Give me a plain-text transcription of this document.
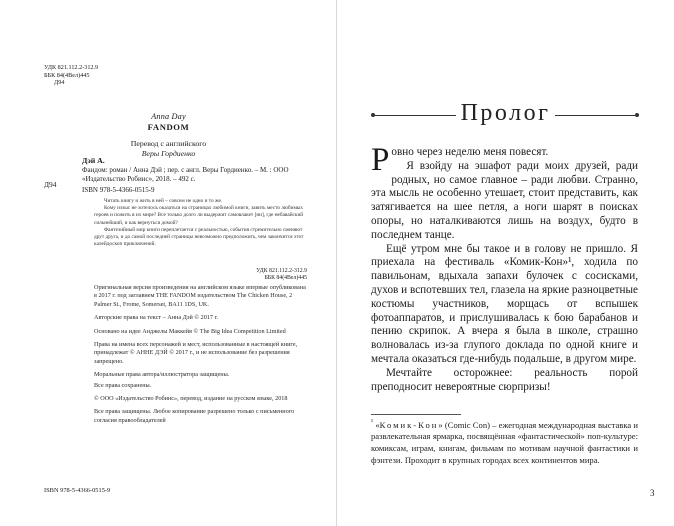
УДК 821.112.2-312.9
ББК 84(4Вел)445
Д94
Anna Day
FANDOM
Перевод с английского
Веры Гордиенко
Д94
Дэй А.
Фандом: роман / Анна Дэй ; пер. с англ. Веры Гордиенко. – М. : ООО «Издательство Робинс», 2018. – 492 с.
ISBN 978-5-4366-0515-9

Читать книгу и жить в ней – совсем не одно и то же.

Кому иззыс не хотелось оказаться на страницах любимой книги, завить место любимых героев и пожить в их мире? Все только долго ли выдержит самовлакет [ни], где небавайский сильнейший, и как вернуться домой?

Фантезийный мир книги переплетается с реальностью, события стремительно сменяют друт друга, и до самой последней страницы невозможно предположить, чем закончится этот калейдоскоп приключений.

УДК 821.112.2-312.9
ББК 84(4Вел)445

Оригинальная версия произведения на английском языке впервые опубликована в 2017 г. под заглавием THE FANDOM издательством The Chicken House, 2 Palmer St., Frome, Somerset, BA11 1DS, UK.

Авторские права на текст – Анна Дэй © 2017 г.

Основано на идее Анджелы Маккейв © The Big Idea Competition Limited

Права на имена всех персонажей и мест, использованные в настоящей книге, принадлежат © АННЕ ДЭЙ © 2017 г., и не использование без разрешения запрещено.

Моральные права автора/иллюстратора защищены.

Все права сохранены.

© ООО «Издательство Робинс», перевод, издание на русском языке, 2018

Все права защищены. Любое копирование разрешено только с письменного согласия правообладателей

ISBN 978-5-4366-0515-9
Пролог

Ровно через неделю меня повесят.

Я взойду на эшафот ради моих друзей, ради родных, но самое главное – ради любви. Странно, эта мысль не особенно утешает, стоит представить, как затягивается на шее петля, а ноги шарят в поисках опоры, но наталкиваются лишь на воздух, будто в последнем танце.

Ещё утром мне бы такое и в голову не пришло. Я приехала на фестиваль «Комик-Кон»¹, ходила по павильонам, вдыхала запахи булочек с сосисками, духов и вспотевших тел, глазела на яркие разноцветные костюмы участников, морщась от вспышек фотоаппаратов, и прислушивалась к бою барабанов и пению скрипок. А вчера я была в школе, страшно волновалась из-за глупого доклада по одной книге и мечтала оказаться где-нибудь подальше, в другом мире.

Мечтайте осторожнее: реальность порой преподносит невероятные сюрпризы!

$^{^1}$ «Комик-Кон» (Comic Con) – ежегодная международная выставка и развлекательная ярмарка, посвящённая «фантастической» поп-культуре: комиксам, играм, книгам, фильмам по мотивам научной фантастики и фэнтези. Проходит в крупных городах всех континентов мира.
3
